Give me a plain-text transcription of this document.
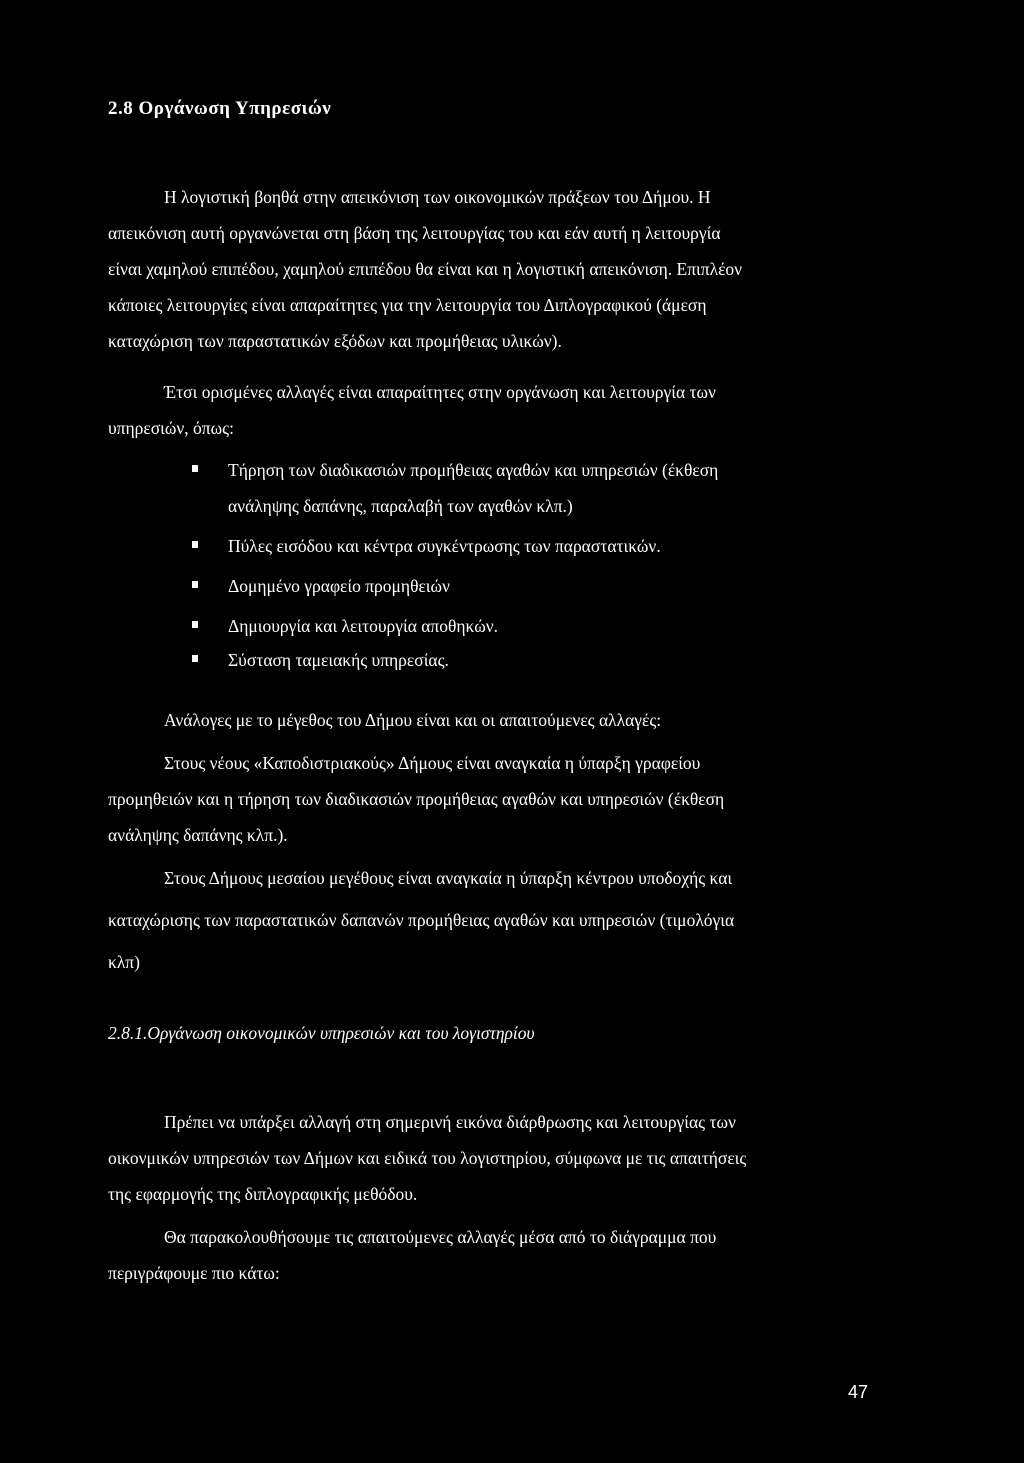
2.8 Οργάνωση Υπηρεσιών

Η λογιστική βοηθά στην απεικόνιση των οικονομικών πράξεων του Δήμου. Η

απεικόνιση αυτή οργανώνεται στη βάση της λειτουργίας του και εάν αυτή η λειτουργία

είναι χαμηλού επιπέδου, χαμηλού επιπέδου θα είναι και η λογιστική απεικόνιση. Επιπλέον

κάποιες λειτουργίες είναι απαραίτητες για την λειτουργία του Διπλογραφικού (άμεση

καταχώριση των παραστατικών εξόδων και προμήθειας υλικών).

Έτσι ορισμένες αλλαγές είναι απαραίτητες στην οργάνωση και λειτουργία των

υπηρεσιών, όπως:

Τήρηση των διαδικασιών προμήθειας αγαθών και υπηρεσιών (έκθεση
ανάληψης δαπάνης, παραλαβή των αγαθών κλπ.)
Πύλες εισόδου και κέντρα συγκέντρωσης των παραστατικών.
Δομημένο γραφείο προμηθειών
Δημιουργία και λειτουργία αποθηκών.
Σύσταση ταμειακής υπηρεσίας.

Ανάλογες με το μέγεθος του Δήμου είναι και οι απαιτούμενες αλλαγές:

Στους νέους «Καποδιστριακούς» Δήμους είναι αναγκαία η ύπαρξη γραφείου

προμηθειών και η τήρηση των διαδικασιών προμήθειας αγαθών και υπηρεσιών (έκθεση

ανάληψης δαπάνης κλπ.).

Στους Δήμους μεσαίου μεγέθους είναι αναγκαία η ύπαρξη κέντρου υποδοχής και

καταχώρισης των παραστατικών δαπανών προμήθειας αγαθών και υπηρεσιών (τιμολόγια

κλπ)

2.8.1.Οργάνωση οικονομικών υπηρεσιών και του λογιστηρίου

Πρέπει να υπάρξει αλλαγή στη σημερινή εικόνα διάρθρωσης και λειτουργίας των

οικονμικών υπηρεσιών των Δήμων και ειδικά του λογιστηρίου, σύμφωνα με τις απαιτήσεις

της εφαρμογής της διπλογραφικής μεθόδου.

Θα παρακολουθήσουμε τις απαιτούμενες αλλαγές μέσα από το διάγραμμα που

περιγράφουμε πιο κάτω:

47
